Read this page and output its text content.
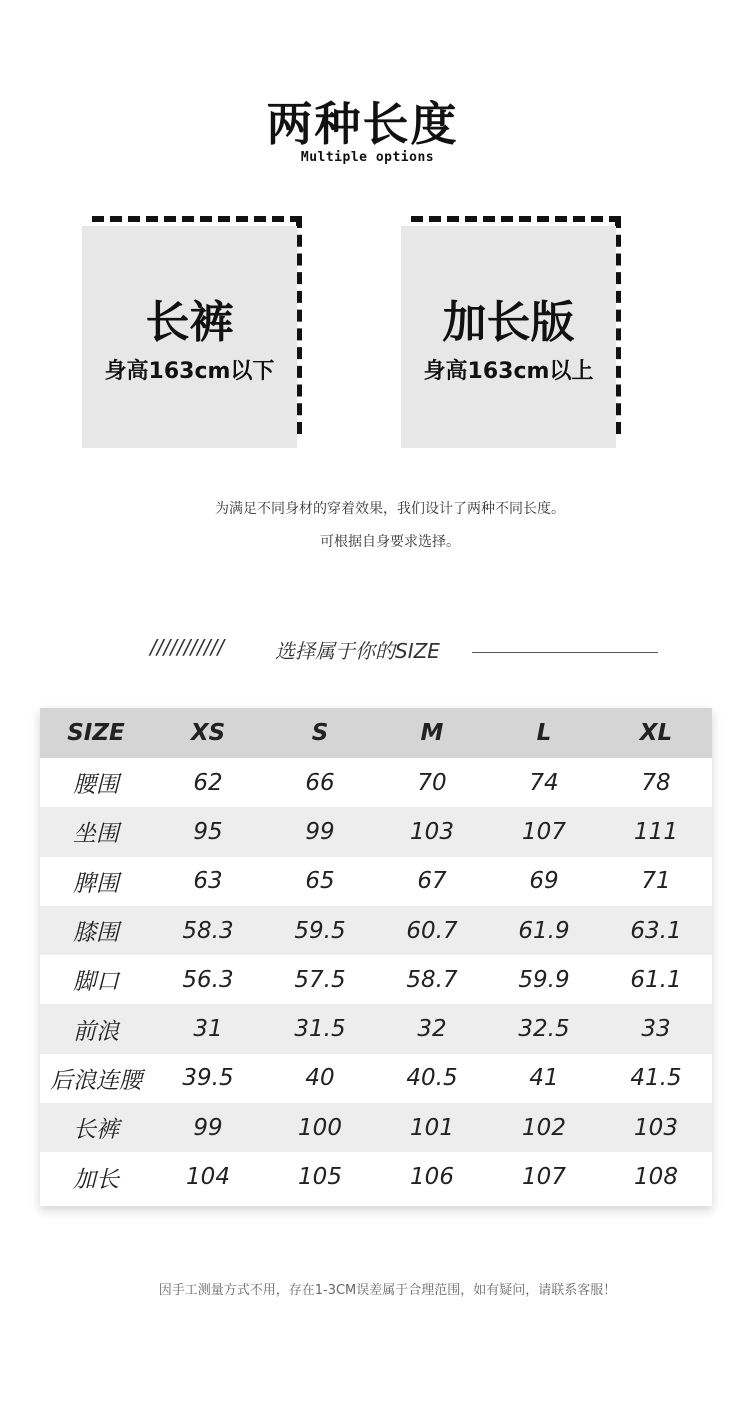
两种长度
Multiple options
长裤
身高163cm以下
加长版
身高163cm以上
为满足不同身材的穿着效果，我们设计了两种不同长度。
可根据自身要求选择。
///////////	选择属于你的SIZE
SIZE	XS	S	M	L	XL
腰围	62	66	70	74	78
坐围	95	99	103	107	111
脾围	63	65	67	69	71
膝围	58.3	59.5	60.7	61.9	63.1
脚口	56.3	57.5	58.7	59.9	61.1
前浪	31	31.5	32	32.5	33
后浪连腰	39.5	40	40.5	41	41.5
长裤	99	100	101	102	103
加长	104	105	106	107	108
因手工测量方式不用，存在1-3CM误差属于合理范围，如有疑问，请联系客服！
